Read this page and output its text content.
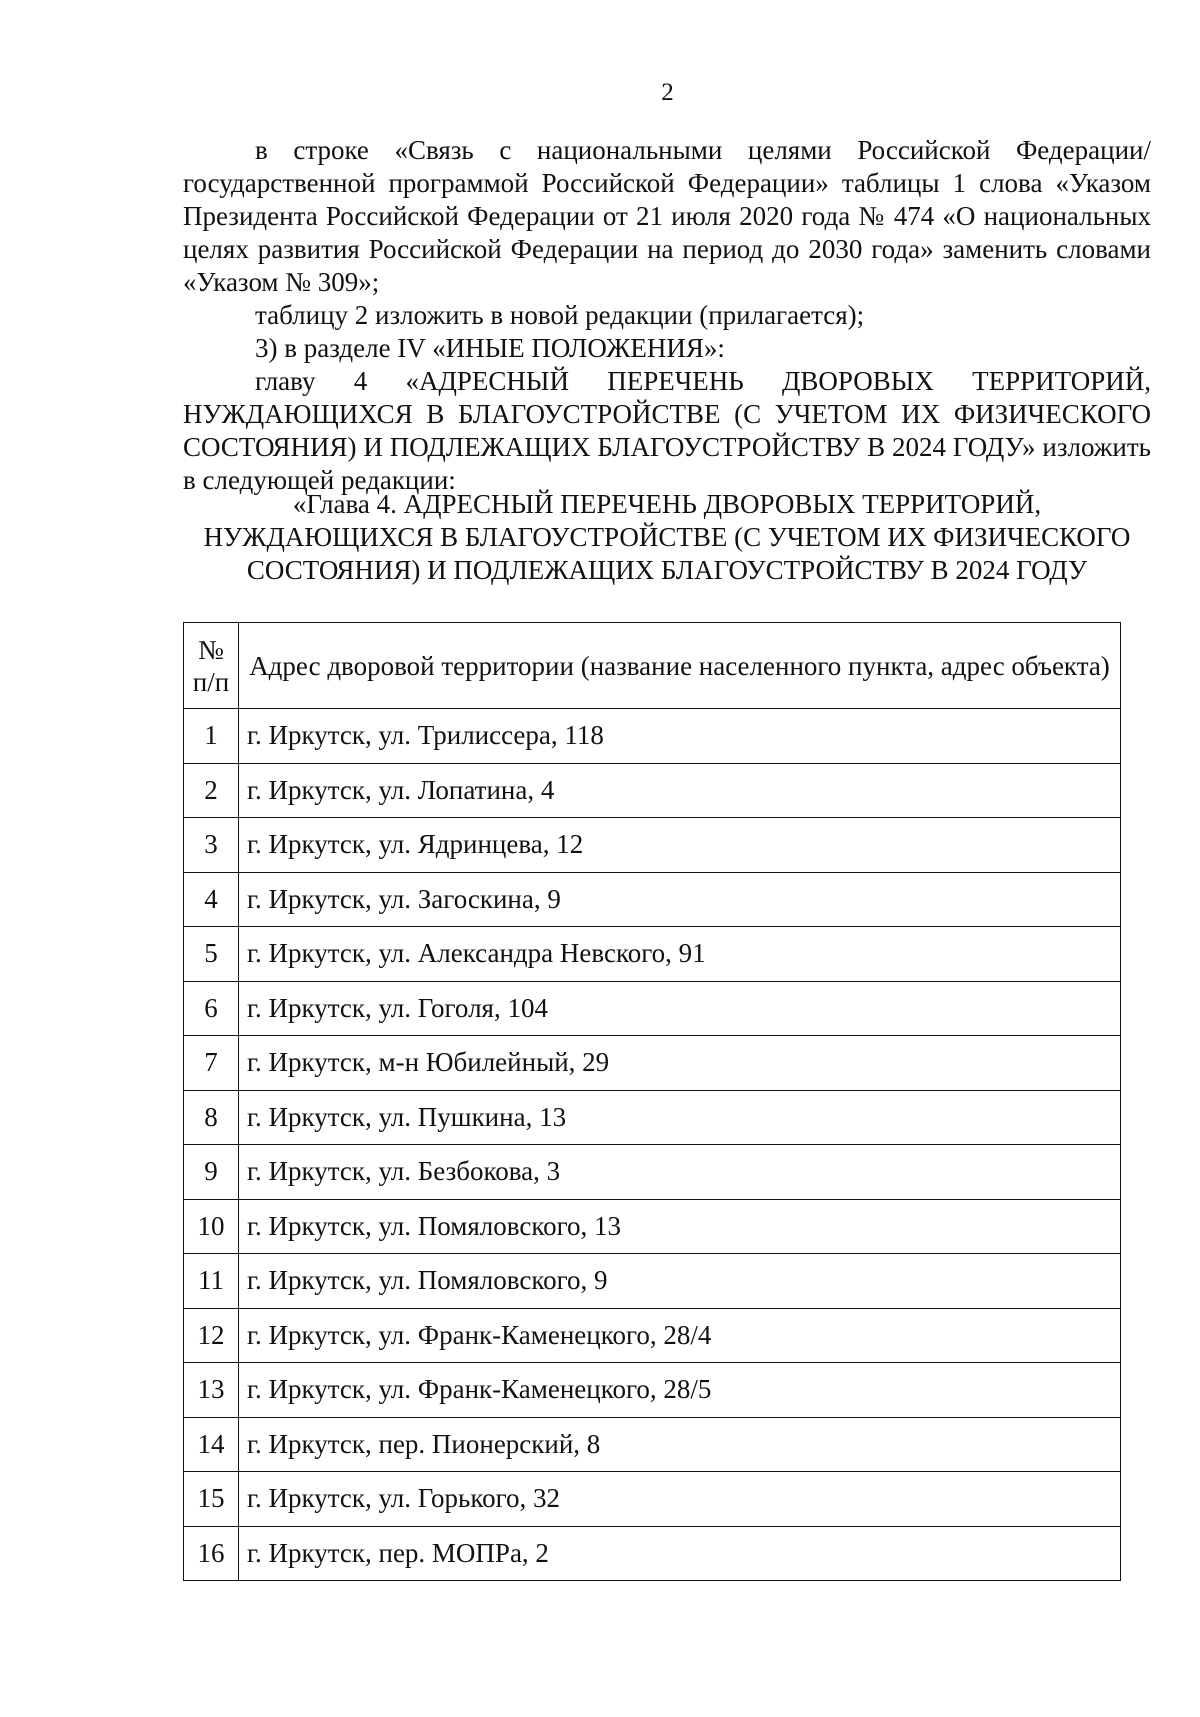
2

в строке «Связь с национальными целями Российской Федерации/государственной программой Российской Федерации» таблицы 1 слова «Указом Президента Российской Федерации от 21 июля 2020 года № 474 «О национальных целях развития Российской Федерации на период до 2030 года» заменить словами «Указом № 309»;

таблицу 2 изложить в новой редакции (прилагается);

3) в разделе IV «ИНЫЕ ПОЛОЖЕНИЯ»:

главу 4 «АДРЕСНЫЙ ПЕРЕЧЕНЬ ДВОРОВЫХ ТЕРРИТОРИЙ, НУЖДАЮЩИХСЯ В БЛАГОУСТРОЙСТВЕ (С УЧЕТОМ ИХ ФИЗИЧЕСКОГО СОСТОЯНИЯ) И ПОДЛЕЖАЩИХ БЛАГОУСТРОЙСТВУ В 2024 ГОДУ» изложить в следующей редакции:

«Глава 4. АДРЕСНЫЙ ПЕРЕЧЕНЬ ДВОРОВЫХ ТЕРРИТОРИЙ, НУЖДАЮЩИХСЯ В БЛАГОУСТРОЙСТВЕ (С УЧЕТОМ ИХ ФИЗИЧЕСКОГО СОСТОЯНИЯ) И ПОДЛЕЖАЩИХ БЛАГОУСТРОЙСТВУ В 2024 ГОДУ

№ п/п	Адрес дворовой территории (название населенного пункта, адрес объекта)
1	г. Иркутск, ул. Трилиссера, 118
2	г. Иркутск, ул. Лопатина, 4
3	г. Иркутск, ул. Ядринцева, 12
4	г. Иркутск, ул. Загоскина, 9
5	г. Иркутск, ул. Александра Невского, 91
6	г. Иркутск, ул. Гоголя, 104
7	г. Иркутск, м-н Юбилейный, 29
8	г. Иркутск, ул. Пушкина, 13
9	г. Иркутск, ул. Безбокова, 3
10	г. Иркутск, ул. Помяловского, 13
11	г. Иркутск, ул. Помяловского, 9
12	г. Иркутск, ул. Франк-Каменецкого, 28/4
13	г. Иркутск, ул. Франк-Каменецкого, 28/5
14	г. Иркутск, пер. Пионерский, 8
15	г. Иркутск, ул. Горького, 32
16	г. Иркутск, пер. МОПРа, 2
